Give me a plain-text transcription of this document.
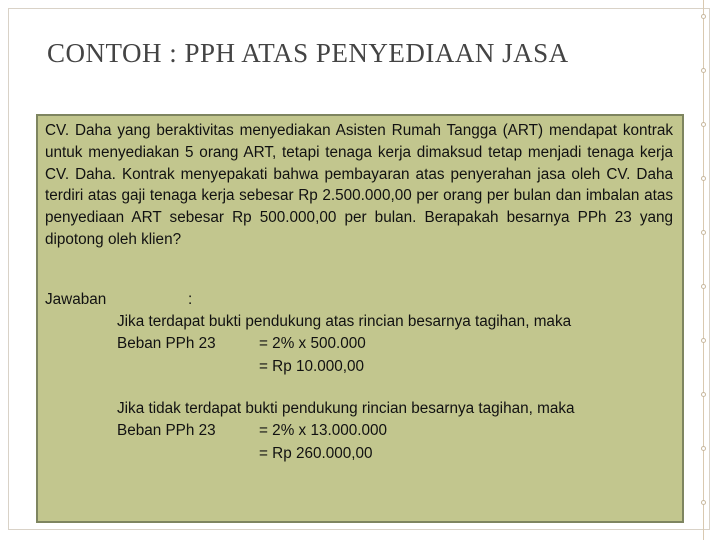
CONTOH : PPH ATAS PENYEDIAAN JASA

CV. Daha yang beraktivitas menyediakan Asisten Rumah Tangga (ART) mendapat kontrak untuk menyediakan 5 orang ART, tetapi tenaga kerja dimaksud tetap menjadi tenaga kerja CV. Daha. Kontrak menyepakati bahwa pembayaran atas penyerahan jasa oleh CV. Daha terdiri atas gaji tenaga kerja sebesar Rp 2.500.000,00 per orang per bulan dan imbalan atas penyediaan ART sebesar Rp 500.000,00 per bulan. Berapakah besarnya PPh 23 yang dipotong oleh klien?

Jawaban	:
Jika terdapat bukti pendukung atas rincian besarnya tagihan, maka
Beban PPh 23	= 2% x 500.000
= Rp 10.000,00
Jika tidak terdapat bukti pendukung rincian besarnya tagihan, maka
Beban PPh 23	= 2% x 13.000.000
= Rp 260.000,00
